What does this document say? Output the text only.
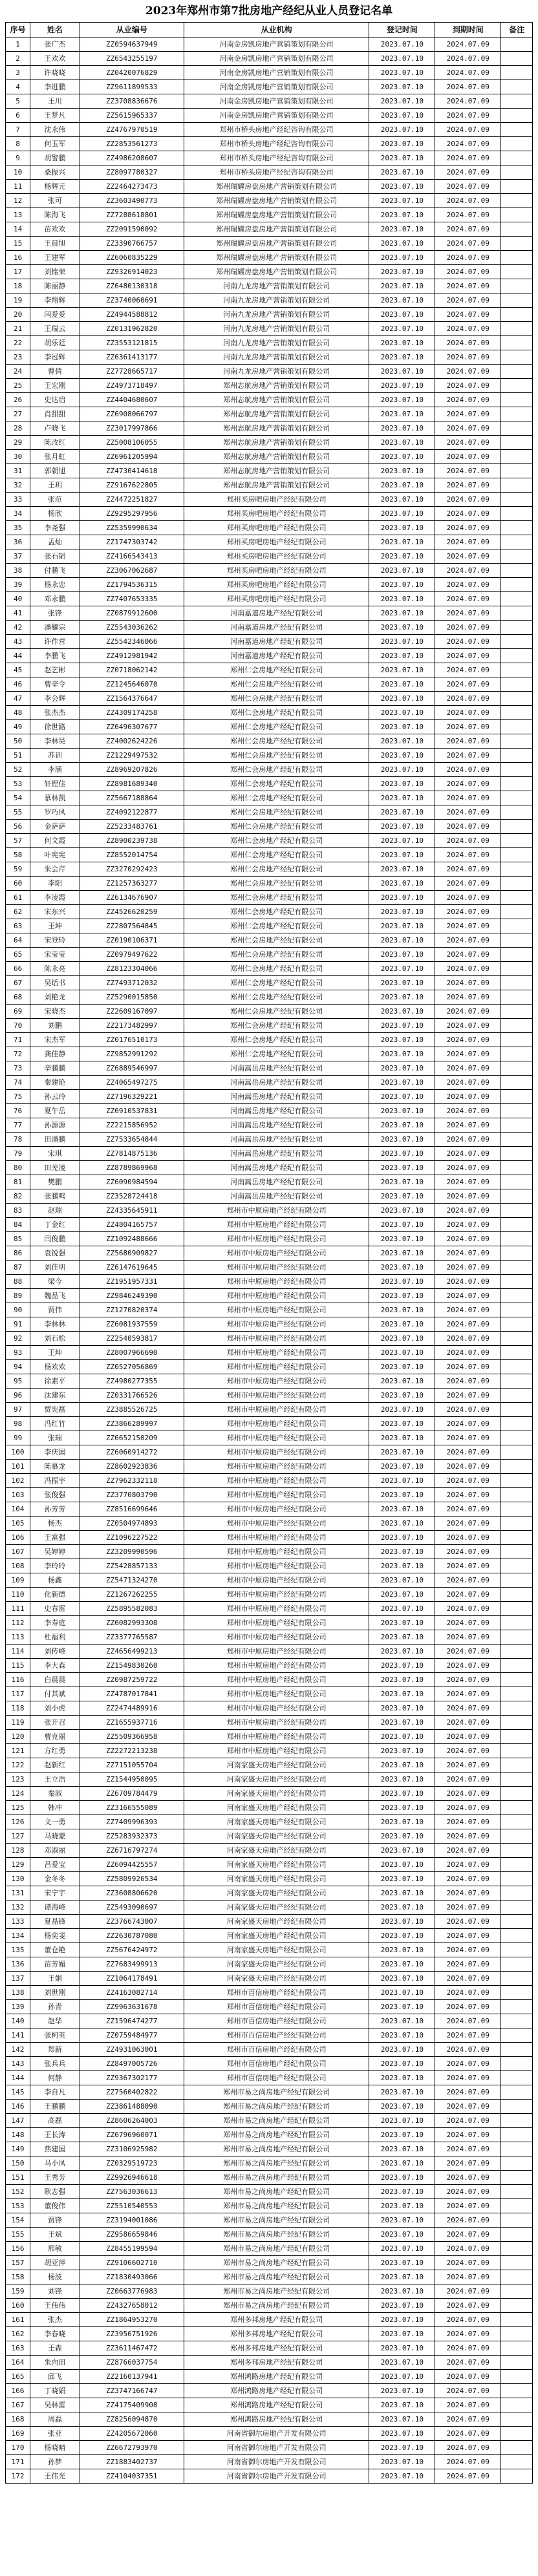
2023年郑州市第7批房地产经纪从业人员登记名单
序号	姓名	从业编号	从业机构	登记时间	到期时间	备注
1	张广杰	ZZ0594637949	河南金房凯房地产营销策划有限公司	2023.07.10	2024.07.09	
2	王欢欢	ZZ6543255197	河南金房凯房地产营销策划有限公司	2023.07.10	2024.07.09	
3	许晓晓	ZZ0420076829	河南金房凯房地产营销策划有限公司	2023.07.10	2024.07.09	
4	李进鹏	ZZ9611899533	河南金房凯房地产营销策划有限公司	2023.07.10	2024.07.09	
5	王川	ZZ3708836676	河南金房凯房地产营销策划有限公司	2023.07.10	2024.07.09	
6	王梦凡	ZZ5615965337	河南金房凯房地产营销策划有限公司	2023.07.10	2024.07.09	
7	沈永伟	ZZ4767970519	郑州市桥头房地产经纪咨询有限公司	2023.07.10	2024.07.09	
8	何玉军	ZZ2853561273	郑州市桥头房地产经纪咨询有限公司	2023.07.10	2024.07.09	
9	胡警鹏	ZZ4986208607	郑州市桥头房地产经纪咨询有限公司	2023.07.10	2024.07.09	
10	桑振兴	ZZ8097780327	郑州市桥头房地产经纪咨询有限公司	2023.07.10	2024.07.09	
11	杨辉元	ZZ2464273473	郑州瑞耀房盘房地产营销策划有限公司	2023.07.10	2024.07.09	
12	张可	ZZ3603490773	郑州瑞耀房盘房地产营销策划有限公司	2023.07.10	2024.07.09	
13	陈海飞	ZZ7288618801	郑州瑞耀房盘房地产营销策划有限公司	2023.07.10	2024.07.09	
14	苗欢欢	ZZ2091590092	郑州瑞耀房盘房地产营销策划有限公司	2023.07.10	2024.07.09	
15	王晨旭	ZZ3390766757	郑州瑞耀房盘房地产营销策划有限公司	2023.07.10	2024.07.09	
16	王建军	ZZ6060835229	郑州瑞耀房盘房地产营销策划有限公司	2023.07.10	2024.07.09	
17	刘铭荣	ZZ9326914023	郑州瑞耀房盘房地产营销策划有限公司	2023.07.10	2024.07.09	
18	陈丽静	ZZ6480130318	河南九龙房地产营销策划有限公司	2023.07.10	2024.07.09	
19	李翔辉	ZZ3740060691	河南九龙房地产营销策划有限公司	2023.07.10	2024.07.09	
20	闫爱爱	ZZ4944588812	河南九龙房地产营销策划有限公司	2023.07.10	2024.07.09	
21	王瑞云	ZZ0131962820	河南九龙房地产营销策划有限公司	2023.07.10	2024.07.09	
22	胡乐廷	ZZ3553121815	河南九龙房地产营销策划有限公司	2023.07.10	2024.07.09	
23	李冠辉	ZZ6361413177	河南九龙房地产营销策划有限公司	2023.07.10	2024.07.09	
24	曹倩	ZZ7728665717	河南九龙房地产营销策划有限公司	2023.07.10	2024.07.09	
25	王宏刚	ZZ4973718497	郑州志航房地产营销策划有限公司	2023.07.10	2024.07.09	
26	史达启	ZZ4404680607	郑州志航房地产营销策划有限公司	2023.07.10	2024.07.09	
27	肖甜甜	ZZ6908066797	郑州志航房地产营销策划有限公司	2023.07.10	2024.07.09	
28	卢晓飞	ZZ3017997866	郑州志航房地产营销策划有限公司	2023.07.10	2024.07.09	
29	陈改红	ZZ5008106055	郑州志航房地产营销策划有限公司	2023.07.10	2024.07.09	
30	张月虹	ZZ6961205994	郑州志航房地产营销策划有限公司	2023.07.10	2024.07.09	
31	郭朝旭	ZZ4730414618	郑州志航房地产营销策划有限公司	2023.07.10	2024.07.09	
32	王玥	ZZ9167622805	郑州志航房地产营销策划有限公司	2023.07.10	2024.07.09	
33	张范	ZZ4472251827	郑州买房吧房地产经纪有限公司	2023.07.10	2024.07.09	
34	杨欣	ZZ9295297956	郑州买房吧房地产经纪有限公司	2023.07.10	2024.07.09	
35	李尧强	ZZ5359990634	郑州买房吧房地产经纪有限公司	2023.07.10	2024.07.09	
36	孟灿	ZZ1747303742	郑州买房吧房地产经纪有限公司	2023.07.10	2024.07.09	
37	张石韬	ZZ4166543413	郑州买房吧房地产经纪有限公司	2023.07.10	2024.07.09	
38	付鹏飞	ZZ3067062687	郑州买房吧房地产经纪有限公司	2023.07.10	2024.07.09	
39	杨永忠	ZZ1794536315	郑州买房吧房地产经纪有限公司	2023.07.10	2024.07.09	
40	邓永鹏	ZZ7407653335	郑州买房吧房地产经纪有限公司	2023.07.10	2024.07.09	
41	张锋	ZZ0879912600	河南嘉道房地产经纪有限公司	2023.07.10	2024.07.09	
42	潘耀宗	ZZ5543036262	河南嘉道房地产经纪有限公司	2023.07.10	2024.07.09	
43	许作营	ZZ5542346066	河南嘉道房地产经纪有限公司	2023.07.10	2024.07.09	
44	李鹏飞	ZZ4912981942	河南嘉道房地产经纪有限公司	2023.07.10	2024.07.09	
45	赵艺彬	ZZ0718062142	郑州仁会房地产经纪有限公司	2023.07.10	2024.07.09	
46	曹辛令	ZZ1245646070	郑州仁会房地产经纪有限公司	2023.07.10	2024.07.09	
47	李会辉	ZZ1564376647	郑州仁会房地产经纪有限公司	2023.07.10	2024.07.09	
48	张杰杰	ZZ4309174258	郑州仁会房地产经纪有限公司	2023.07.10	2024.07.09	
49	徐世路	ZZ6496307677	郑州仁会房地产经纪有限公司	2023.07.10	2024.07.09	
50	李林昊	ZZ4002624226	郑州仁会房地产经纪有限公司	2023.07.10	2024.07.09	
51	苏训	ZZ1229497532	郑州仁会房地产经纪有限公司	2023.07.10	2024.07.09	
52	李涵	ZZ8969207826	郑州仁会房地产经纪有限公司	2023.07.10	2024.07.09	
53	轩锃佳	ZZ8981689340	郑州仁会房地产经纪有限公司	2023.07.10	2024.07.09	
54	慕林凯	ZZ5667188864	郑州仁会房地产经纪有限公司	2023.07.10	2024.07.09	
55	罗巧风	ZZ4092122877	郑州仁会房地产经纪有限公司	2023.07.10	2024.07.09	
56	金萨萨	ZZ5233483761	郑州仁会房地产经纪有限公司	2023.07.10	2024.07.09	
57	何文霞	ZZ8900239738	郑州仁会房地产经纪有限公司	2023.07.10	2024.07.09	
58	叶宪宪	ZZ8552014754	郑州仁会房地产经纪有限公司	2023.07.10	2024.07.09	
59	朱会芹	ZZ3270292423	郑州仁会房地产经纪有限公司	2023.07.10	2024.07.09	
60	李阳	ZZ1257363277	郑州仁会房地产经纪有限公司	2023.07.10	2024.07.09	
61	李凌霞	ZZ6134676907	郑州仁会房地产经纪有限公司	2023.07.10	2024.07.09	
62	宋东兴	ZZ4526620259	郑州仁会房地产经纪有限公司	2023.07.10	2024.07.09	
63	王坤	ZZ2807564845	郑州仁会房地产经纪有限公司	2023.07.10	2024.07.09	
64	宋登玲	ZZ0190106371	郑州仁会房地产经纪有限公司	2023.07.10	2024.07.09	
65	宋莹莹	ZZ0979497622	郑州仁会房地产经纪有限公司	2023.07.10	2024.07.09	
66	陈永亮	ZZ8123304066	郑州仁会房地产经纪有限公司	2023.07.10	2024.07.09	
67	吴话书	ZZ7493712032	郑州仁会房地产经纪有限公司	2023.07.10	2024.07.09	
68	刘艳龙	ZZ5290015850	郑州仁会房地产经纪有限公司	2023.07.10	2024.07.09	
69	宋晓杰	ZZ2609167097	郑州仁会房地产经纪有限公司	2023.07.10	2024.07.09	
70	刘鹏	ZZ2173482997	郑州仁会房地产经纪有限公司	2023.07.10	2024.07.09	
71	宋杰军	ZZ0176510173	郑州仁会房地产经纪有限公司	2023.07.10	2024.07.09	
72	龚佳静	ZZ9852991292	郑州仁会房地产经纪有限公司	2023.07.10	2024.07.09	
73	辛鹏鹏	ZZ6889546997	河南嵩岳房地产经纪有限公司	2023.07.10	2024.07.09	
74	秦建艳	ZZ4065497275	河南嵩岳房地产经纪有限公司	2023.07.10	2024.07.09	
75	孙云玲	ZZ7196329221	河南嵩岳房地产经纪有限公司	2023.07.10	2024.07.09	
76	夏午岳	ZZ6910537831	河南嵩岳房地产经纪有限公司	2023.07.10	2024.07.09	
77	孙源源	ZZ2215856952	河南嵩岳房地产经纪有限公司	2023.07.10	2024.07.09	
78	田潘鹏	ZZ7533654844	河南嵩岳房地产经纪有限公司	2023.07.10	2024.07.09	
79	宋琪	ZZ7814875136	河南嵩岳房地产经纪有限公司	2023.07.10	2024.07.09	
80	田芜凌	ZZ8789869968	河南嵩岳房地产经纪有限公司	2023.07.10	2024.07.09	
81	樊鹏	ZZ6090984594	河南嵩岳房地产经纪有限公司	2023.07.10	2024.07.09	
82	张鹏鸣	ZZ3528724418	河南嵩岳房地产经纪有限公司	2023.07.10	2024.07.09	
83	赵瑞	ZZ4335645911	郑州市中原房地产经纪有限公司	2023.07.10	2024.07.09	
84	丁金红	ZZ4804165757	郑州市中原房地产经纪有限公司	2023.07.10	2024.07.09	
85	闫俊鹏	ZZ1092488666	郑州市中原房地产经纪有限公司	2023.07.10	2024.07.09	
86	袁锐强	ZZ5680909827	郑州市中原房地产经纪有限公司	2023.07.10	2024.07.09	
87	刘佳明	ZZ6147619645	郑州市中原房地产经纪有限公司	2023.07.10	2024.07.09	
88	梁今	ZZ1951957331	郑州市中原房地产经纪有限公司	2023.07.10	2024.07.09	
89	魏品飞	ZZ9846249390	郑州市中原房地产经纪有限公司	2023.07.10	2024.07.09	
90	贾伟	ZZ1270820374	郑州市中原房地产经纪有限公司	2023.07.10	2024.07.09	
91	李林林	ZZ6081937559	郑州市中原房地产经纪有限公司	2023.07.10	2024.07.09	
92	刘石松	ZZ2540593817	郑州市中原房地产经纪有限公司	2023.07.10	2024.07.09	
93	王坤	ZZ8007966690	郑州市中原房地产经纪有限公司	2023.07.10	2024.07.09	
94	杨欢欢	ZZ0527056869	郑州市中原房地产经纪有限公司	2023.07.10	2024.07.09	
95	徐素平	ZZ4980277355	郑州市中原房地产经纪有限公司	2023.07.10	2024.07.09	
96	沈建东	ZZ0331766526	郑州市中原房地产经纪有限公司	2023.07.10	2024.07.09	
97	贾宪磊	ZZ3885526725	郑州市中原房地产经纪有限公司	2023.07.10	2024.07.09	
98	冯红竹	ZZ3866289997	郑州市中原房地产经纪有限公司	2023.07.10	2024.07.09	
99	张瑞	ZZ6652150209	郑州市中原房地产经纪有限公司	2023.07.10	2024.07.09	
100	李庆国	ZZ6060914272	郑州市中原房地产经纪有限公司	2023.07.10	2024.07.09	
101	陈慕龙	ZZ8602923836	郑州市中原房地产经纪有限公司	2023.07.10	2024.07.09	
102	冯振宇	ZZ7962332118	郑州市中原房地产经纪有限公司	2023.07.10	2024.07.09	
103	张俊强	ZZ3770803790	郑州市中原房地产经纪有限公司	2023.07.10	2024.07.09	
104	孙芳芳	ZZ8516699646	郑州市中原房地产经纪有限公司	2023.07.10	2024.07.09	
105	杨杰	ZZ0504974893	郑州市中原房地产经纪有限公司	2023.07.10	2024.07.09	
106	王富强	ZZ1096227522	郑州市中原房地产经纪有限公司	2023.07.10	2024.07.09	
107	吴婷婷	ZZ3209990596	郑州市中原房地产经纪有限公司	2023.07.10	2024.07.09	
108	李玲玲	ZZ5428857133	郑州市中原房地产经纪有限公司	2023.07.10	2024.07.09	
109	杨鑫	ZZ5471324270	郑州市中原房地产经纪有限公司	2023.07.10	2024.07.09	
110	化新德	ZZ1267262255	郑州市中原房地产经纪有限公司	2023.07.10	2024.07.09	
111	史春雷	ZZ5895582083	郑州市中原房地产经纪有限公司	2023.07.10	2024.07.09	
112	李寿庭	ZZ6082993308	郑州市中原房地产经纪有限公司	2023.07.10	2024.07.09	
113	杜福利	ZZ3377765587	郑州市中原房地产经纪有限公司	2023.07.10	2024.07.09	
114	刘传峰	ZZ4656499213	郑州市中原房地产经纪有限公司	2023.07.10	2024.07.09	
115	李大森	ZZ1549830260	郑州市中原房地产经纪有限公司	2023.07.10	2024.07.09	
116	白晨晨	ZZ0987259722	郑州市中原房地产经纪有限公司	2023.07.10	2024.07.09	
117	付其斌	ZZ4787017841	郑州市中原房地产经纪有限公司	2023.07.10	2024.07.09	
118	刘小虎	ZZ2474489916	郑州市中原房地产经纪有限公司	2023.07.10	2024.07.09	
119	张开召	ZZ1655937716	郑州市中原房地产经纪有限公司	2023.07.10	2024.07.09	
120	曹克丽	ZZ5509366958	郑州市中原房地产经纪有限公司	2023.07.10	2024.07.09	
121	方红勇	ZZ2272213238	郑州市中原房地产经纪有限公司	2023.07.10	2024.07.09	
122	赵新红	ZZ7151055704	河南家盛天房地产经纪有限公司	2023.07.10	2024.07.09	
123	王立浩	ZZ1544950095	河南家盛天房地产经纪有限公司	2023.07.10	2024.07.09	
124	秦淑	ZZ6709784479	河南家盛天房地产经纪有限公司	2023.07.10	2024.07.09	
125	韩冲	ZZ3166555089	河南家盛天房地产经纪有限公司	2023.07.10	2024.07.09	
126	文一勇	ZZ7409996393	河南家盛天房地产经纪有限公司	2023.07.10	2024.07.09	
127	马晓蒙	ZZ5283932373	河南家盛天房地产经纪有限公司	2023.07.10	2024.07.09	
128	邓淑丽	ZZ6716797274	河南家盛天房地产经纪有限公司	2023.07.10	2024.07.09	
129	吕爱宝	ZZ6094425557	河南家盛天房地产经纪有限公司	2023.07.10	2024.07.09	
130	金冬冬	ZZ5809926534	河南家盛天房地产经纪有限公司	2023.07.10	2024.07.09	
131	宋宁宇	ZZ3608806620	河南家盛天房地产经纪有限公司	2023.07.10	2024.07.09	
132	谭海峰	ZZ5493090697	河南家盛天房地产经纪有限公司	2023.07.10	2024.07.09	
133	夏晶锋	ZZ3766743007	河南家盛天房地产经纪有限公司	2023.07.10	2024.07.09	
134	杨奕斐	ZZ2630787080	河南家盛天房地产经纪有限公司	2023.07.10	2024.07.09	
135	董仓艳	ZZ5676424972	河南家盛天房地产经纪有限公司	2023.07.10	2024.07.09	
136	苗芳媚	ZZ7683499913	河南家盛天房地产经纪有限公司	2023.07.10	2024.07.09	
137	王娟	ZZ1064178491	河南家盛天房地产经纪有限公司	2023.07.10	2024.07.09	
138	刘世刚	ZZ4163082714	郑州市百信房地产经纪有限公司	2023.07.10	2024.07.09	
139	孙青	ZZ9963631678	郑州市百信房地产经纪有限公司	2023.07.10	2024.07.09	
140	赵华	ZZ1596474277	郑州市百信房地产经纪有限公司	2023.07.10	2024.07.09	
141	张柯英	ZZ0759484977	郑州市百信房地产经纪有限公司	2023.07.10	2024.07.09	
142	郑新	ZZ4931063001	郑州市百信房地产经纪有限公司	2023.07.10	2024.07.09	
143	张兵兵	ZZ8497005726	郑州市百信房地产经纪有限公司	2023.07.10	2024.07.09	
144	何静	ZZ9367302177	郑州市百信房地产经纪有限公司	2023.07.10	2024.07.09	
145	李自凡	ZZ7560402822	郑州市易之尚房地产经纪有限公司	2023.07.10	2024.07.09	
146	王鹏鹏	ZZ3861488090	郑州市易之尚房地产经纪有限公司	2023.07.10	2024.07.09	
147	高磊	ZZ8606264003	郑州市易之尚房地产经纪有限公司	2023.07.10	2024.07.09	
148	王长涛	ZZ6796960071	郑州市易之尚房地产经纪有限公司	2023.07.10	2024.07.09	
149	焦建国	ZZ3106925982	郑州市易之尚房地产经纪有限公司	2023.07.10	2024.07.09	
150	马小凤	ZZ0329519723	郑州市易之尚房地产经纪有限公司	2023.07.10	2024.07.09	
151	王秀芳	ZZ9926946618	郑州市易之尚房地产经纪有限公司	2023.07.10	2024.07.09	
152	耿志强	ZZ7563036613	郑州市易之尚房地产经纪有限公司	2023.07.10	2024.07.09	
153	董俊伟	ZZ5510540553	郑州市易之尚房地产经纪有限公司	2023.07.10	2024.07.09	
154	贾锋	ZZ3194001086	郑州市易之尚房地产经纪有限公司	2023.07.10	2024.07.09	
155	王斌	ZZ9586659846	郑州市易之尚房地产经纪有限公司	2023.07.10	2024.07.09	
156	邢敏	ZZ8455199594	郑州市易之尚房地产经纪有限公司	2023.07.10	2024.07.09	
157	胡亚萍	ZZ9106602710	郑州市易之尚房地产经纪有限公司	2023.07.10	2024.07.09	
158	杨波	ZZ1830493066	郑州市易之尚房地产经纪有限公司	2023.07.10	2024.07.09	
159	刘锋	ZZ0663776983	郑州市易之尚房地产经纪有限公司	2023.07.10	2024.07.09	
160	王伟伟	ZZ4327658012	郑州市易之尚房地产经纪有限公司	2023.07.10	2024.07.09	
161	张杰	ZZ1864953270	郑州多邦房地产经纪有限公司	2023.07.10	2024.07.09	
162	李春晓	ZZ3956751926	郑州多邦房地产经纪有限公司	2023.07.10	2024.07.09	
163	王森	ZZ3611467472	郑州多邦房地产经纪有限公司	2023.07.10	2024.07.09	
164	朱向田	ZZ8766037754	郑州多邦房地产经纪有限公司	2023.07.10	2024.07.09	
165	邱飞	ZZ2160137941	郑州鸿路房地产经纪有限公司	2023.07.10	2024.07.09	
166	丁晓娟	ZZ3747166747	郑州鸿路房地产经纪有限公司	2023.07.10	2024.07.09	
167	吴林雷	ZZ4175409908	郑州鸿路房地产经纪有限公司	2023.07.10	2024.07.09	
168	周磊	ZZ8256094870	郑州鸿路房地产经纪有限公司	2023.07.10	2024.07.09	
169	张亚	ZZ4205672060	河南省御尔房地产开发有限公司	2023.07.10	2024.07.09	
170	杨晓晴	ZZ6672793970	河南省御尔房地产开发有限公司	2023.07.10	2024.07.09	
171	孙梦	ZZ1883402737	河南省御尔房地产开发有限公司	2023.07.10	2024.07.09	
172	王伟光	ZZ4104037351	河南省御尔房地产开发有限公司	2023.07.10	2024.07.09	
